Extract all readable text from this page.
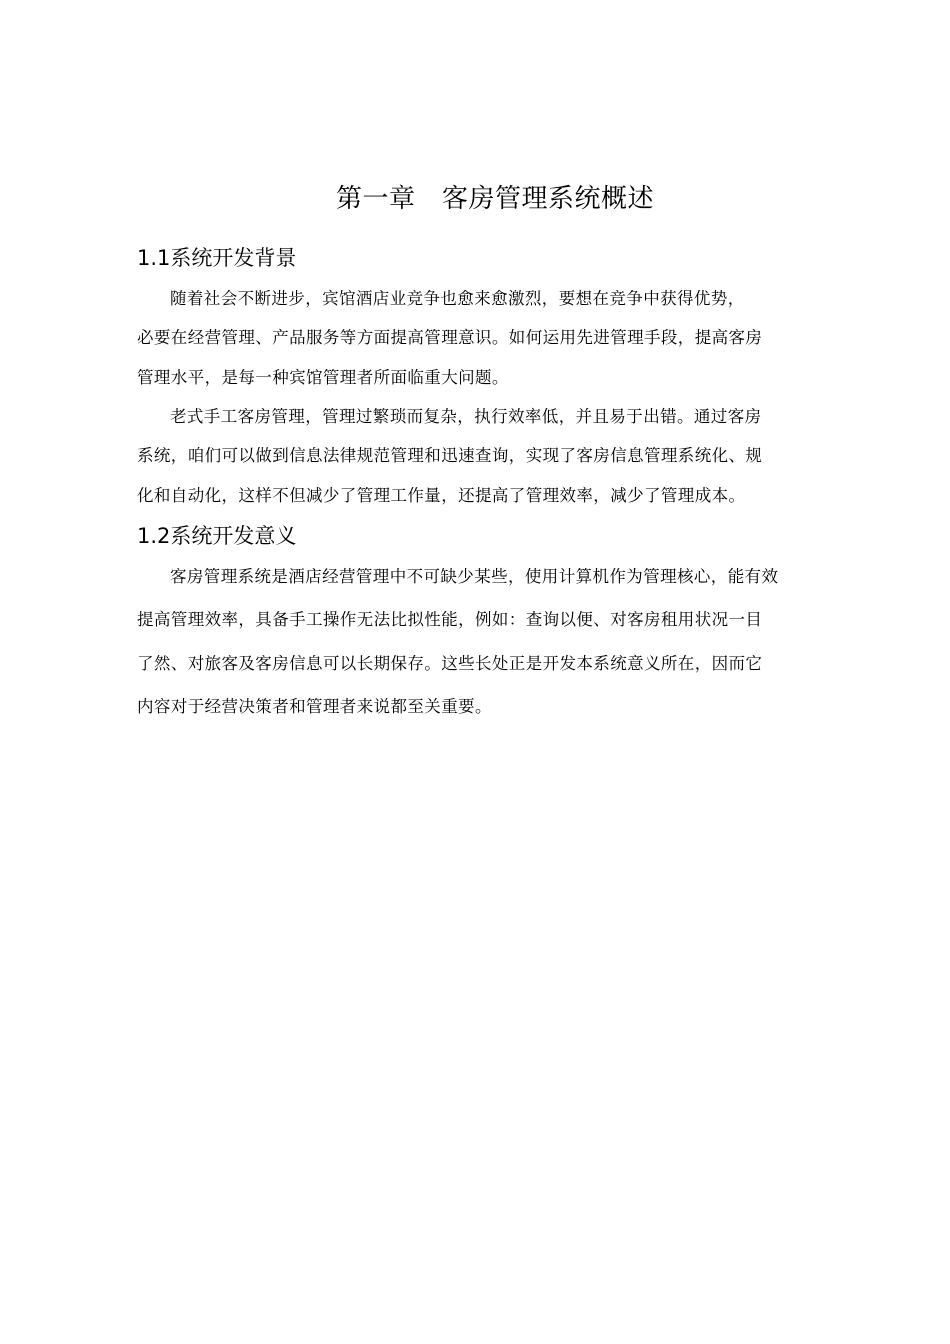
第一章　客房管理系统概述
1.1系统开发背景

随着社会不断进步，宾馆酒店业竞争也愈来愈激烈，要想在竞争中获得优势，

必要在经营管理、产品服务等方面提高管理意识。如何运用先进管理手段，提高客房

管理水平，是每一种宾馆管理者所面临重大问题。

老式手工客房管理，管理过繁琐而复杂，执行效率低，并且易于出错。通过客房

系统，咱们可以做到信息法律规范管理和迅速查询，实现了客房信息管理系统化、规

化和自动化，这样不但减少了管理工作量，还提高了管理效率，减少了管理成本。

1.2系统开发意义

客房管理系统是酒店经营管理中不可缺少某些，使用计算机作为管理核心，能有效

提高管理效率，具备手工操作无法比拟性能，例如：查询以便、对客房租用状况一目

了然、对旅客及客房信息可以长期保存。这些长处正是开发本系统意义所在，因而它

内容对于经营决策者和管理者来说都至关重要。
